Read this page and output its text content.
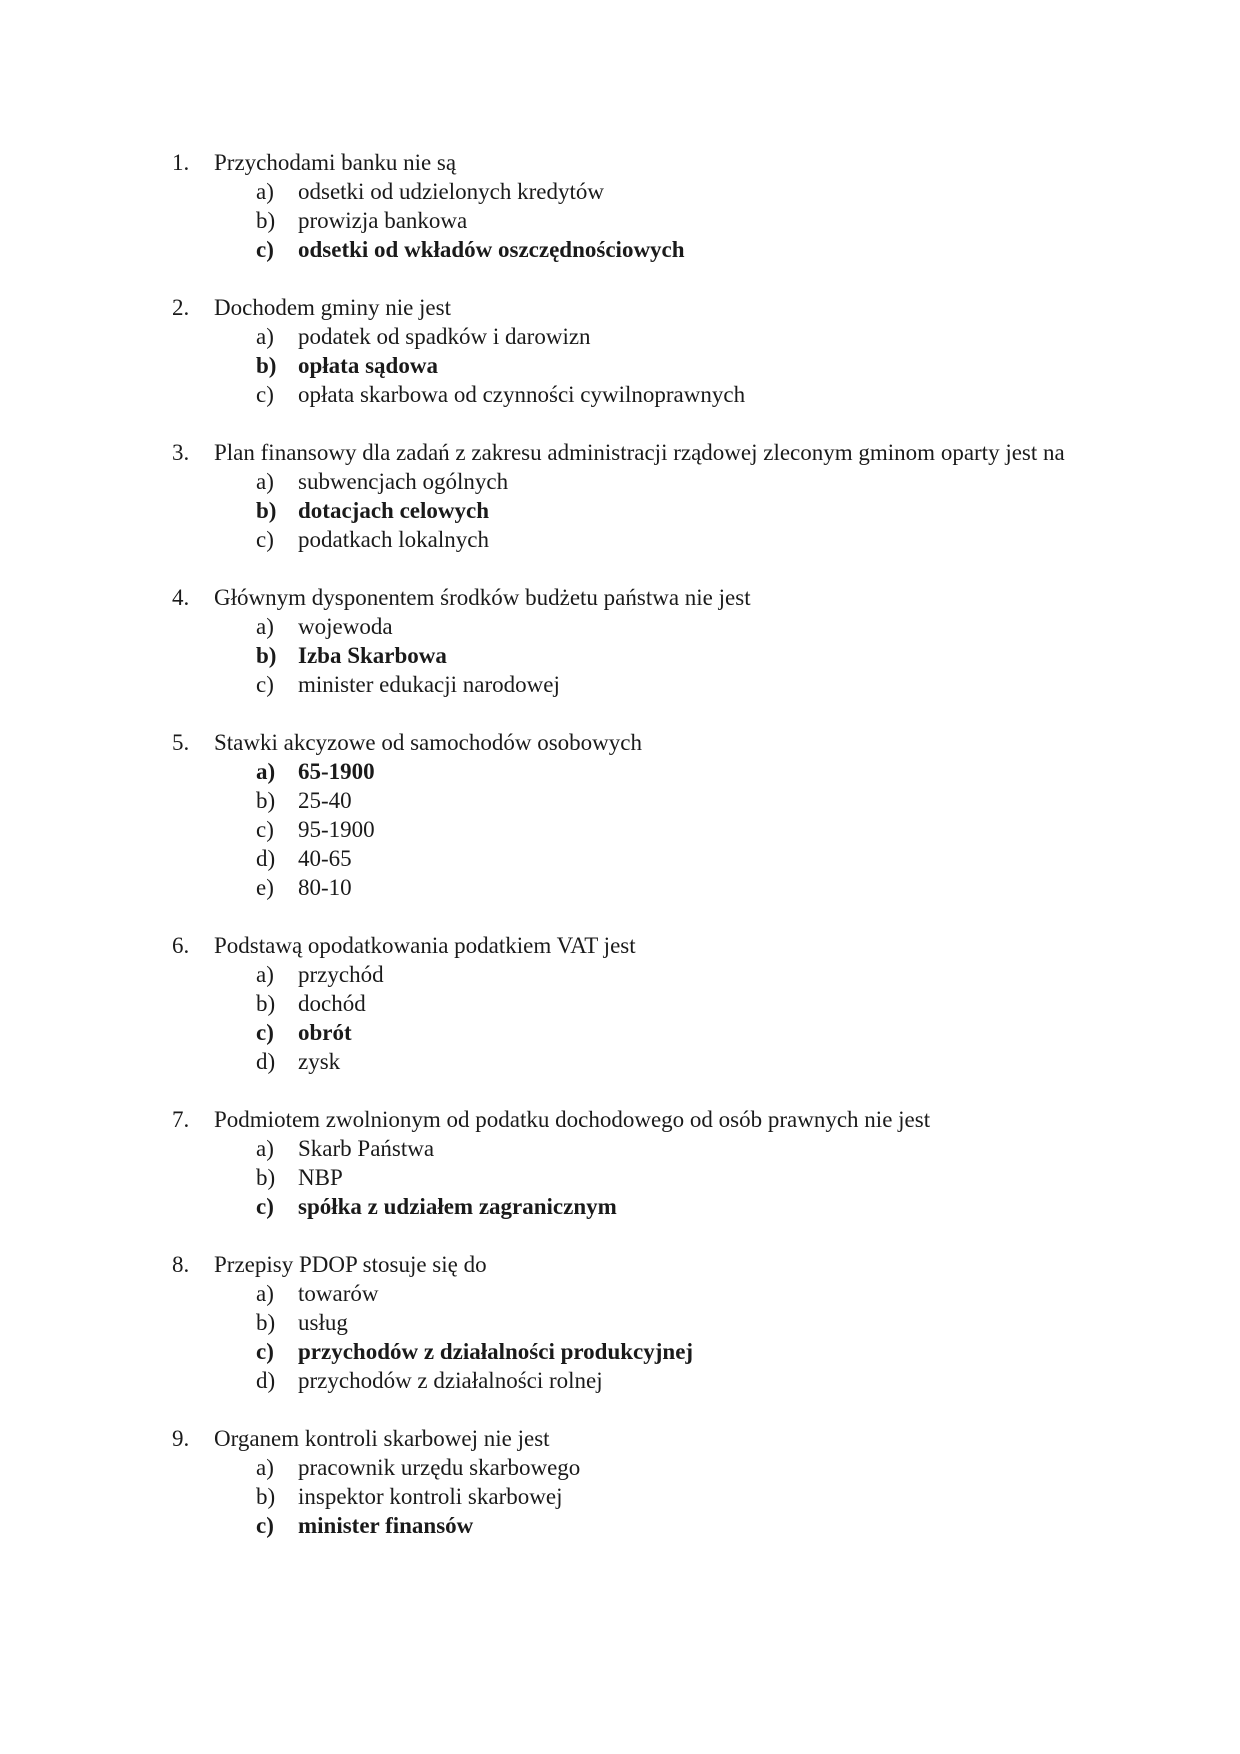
1.	Przychodami banku nie są
a) odsetki od udzielonych kredytów
b) prowizja bankowa
c) odsetki od wkładów oszczędnościowych
2.	Dochodem gminy nie jest
a) podatek od spadków i darowizn
b) opłata sądowa
c) opłata skarbowa od czynności cywilnoprawnych
3.	Plan finansowy dla zadań z zakresu administracji rządowej zleconym gminom oparty jest na
a) subwencjach ogólnych
b) dotacjach celowych
c) podatkach lokalnych
4.	Głównym dysponentem środków budżetu państwa nie jest
a) wojewoda
b) Izba Skarbowa
c) minister edukacji narodowej
5.	Stawki akcyzowe od samochodów osobowych
a) 65-1900
b) 25-40
c) 95-1900
d) 40-65
e) 80-10
6.	Podstawą opodatkowania podatkiem VAT jest
a) przychód
b) dochód
c) obrót
d) zysk
7.	Podmiotem zwolnionym od podatku dochodowego od osób prawnych nie jest
a) Skarb Państwa
b) NBP
c) spółka z udziałem zagranicznym
8.	Przepisy PDOP stosuje się do
a) towarów
b) usług
c) przychodów z działalności produkcyjnej
d) przychodów z działalności rolnej
9.	Organem kontroli skarbowej nie jest
a) pracownik urzędu skarbowego
b) inspektor kontroli skarbowej
c) minister finansów
